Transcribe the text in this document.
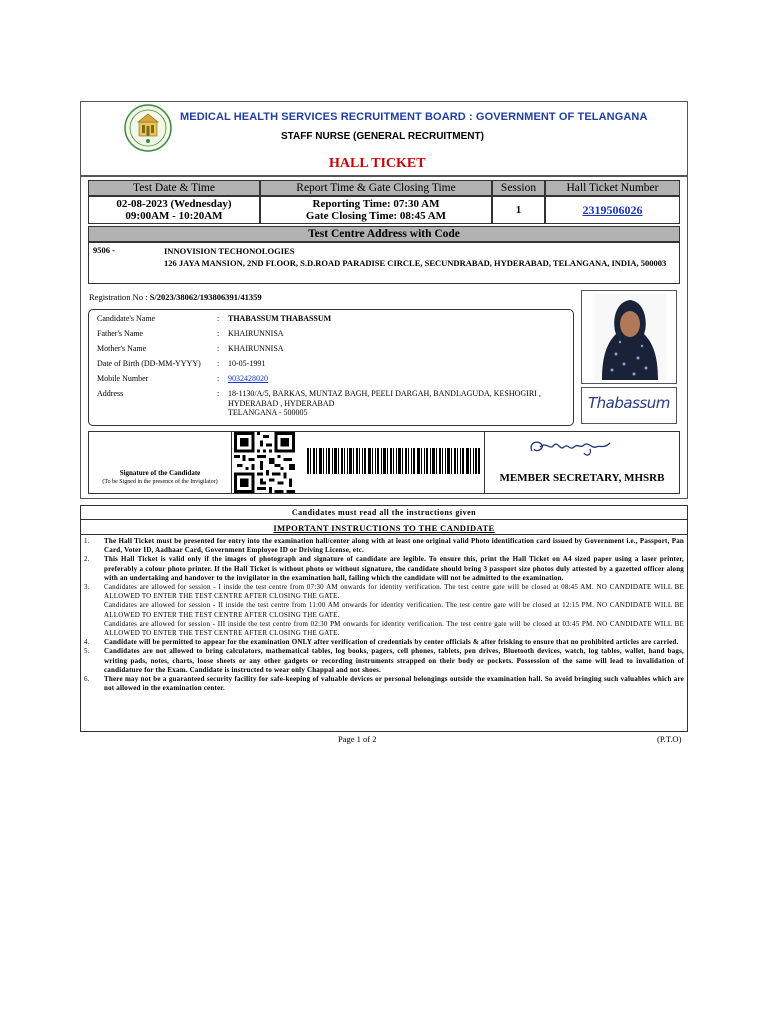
MEDICAL HEALTH SERVICES RECRUITMENT BOARD : GOVERNMENT OF TELANGANA
STAFF NURSE (GENERAL RECRUITMENT)
HALL TICKET
Test Date & Time	Report Time & Gate Closing Time	Session	Hall Ticket Number
02-08-2023 (Wednesday)
09:00AM - 10:20AM
Reporting Time: 07:30 AM
Gate Closing Time: 08:45 AM	1	2319506026
Test Centre Address with Code
9506 -	INNOVISION TECHONOLOGIES
126 JAYA MANSION, 2ND FLOOR, S.D.ROAD PARADISE CIRCLE, SECUNDRABAD, HYDERABAD, TELANGANA, INDIA, 500003
Registration No : S/2023/38062/193806391/41359
Candidate's Name	: THABASSUM THABASSUM
Father's Name	: KHAIRUNNISA
Mother's Name	: KHAIRUNNISA
Date of Birth (DD-MM-YYYY) : 10-05-1991
Mobile Number	: 9032428020
Address	: 18-1130/A/5, BARKAS, MUNTAZ BAGH, PEELI DARGAH, BANDLAGUDA, KESHOGIRI ,
HYDERABAD , HYDERABAD
TELANGANA - 500005
Thabassum
Signature of the Candidate
(To be Signed in the presence of the Invigilator)	MEMBER SECRETARY, MHSRB
Candidates must read all the instructions given
IMPORTANT INSTRUCTIONS TO THE CANDIDATE
1.	The Hall Ticket must be presented for entry into the examination hall/center along with at least one original valid Photo identification card issued by Government i.e., Passport, Pan Card, Voter ID, Aadhaar Card, Government Employee ID or Driving License, etc.
2.	This Hall Ticket is valid only if the images of photograph and signature of candidate are legible. To ensure this, print the Hall Ticket on A4 sized paper using a laser printer, preferably a colour photo printer. If the Hall Ticket is without photo or without signature, the candidate should bring 3 passport size photos duly attested by a gazetted officer along with an undertaking and handover to the invigilator in the examination hall, failing which the candidate will not be admitted to the examination.
3.	Candidates are allowed for session - I inside the test centre from 07:30 AM onwards for identity verification. The test centre gate will be closed at 08:45 AM. NO CANDIDATE WILL BE ALLOWED TO ENTER THE TEST CENTRE AFTER CLOSING THE GATE.
Candidates are allowed for session - II inside the test centre from 11:00 AM onwards for identity verification. The test centre gate will be closed at 12:15 PM. NO CANDIDATE WILL BE ALLOWED TO ENTER THE TEST CENTRE AFTER CLOSING THE GATE.
Candidates are allowed for session - III inside the test centre from 02:30 PM onwards for identity verification. The test centre gate will be closed at 03:45 PM. NO CANDIDATE WILL BE ALLOWED TO ENTER THE TEST CENTRE AFTER CLOSING THE GATE.
4.	Candidate will be permitted to appear for the examination ONLY after verification of credentials by center officials & after frisking to ensure that no prohibited articles are carried.
5.	Candidates are not allowed to bring calculators, mathematical tables, log books, pagers, cell phones, tablets, pen drives, Bluetooth devices, watch, log tables, wallet, hand bags, writing pads, notes, charts, loose sheets or any other gadgets or recording instruments strapped on their body or pockets. Possession of the same will lead to invalidation of candidature for the Exam. Candidate is instructed to wear only Chappal and not shoes.
6.	There may not be a guaranteed security facility for safe-keeping of valuable devices or personal belongings outside the examination hall. So avoid bringing such valuables which are not allowed in the examination center.
Page 1 of 2	(P.T.O)
